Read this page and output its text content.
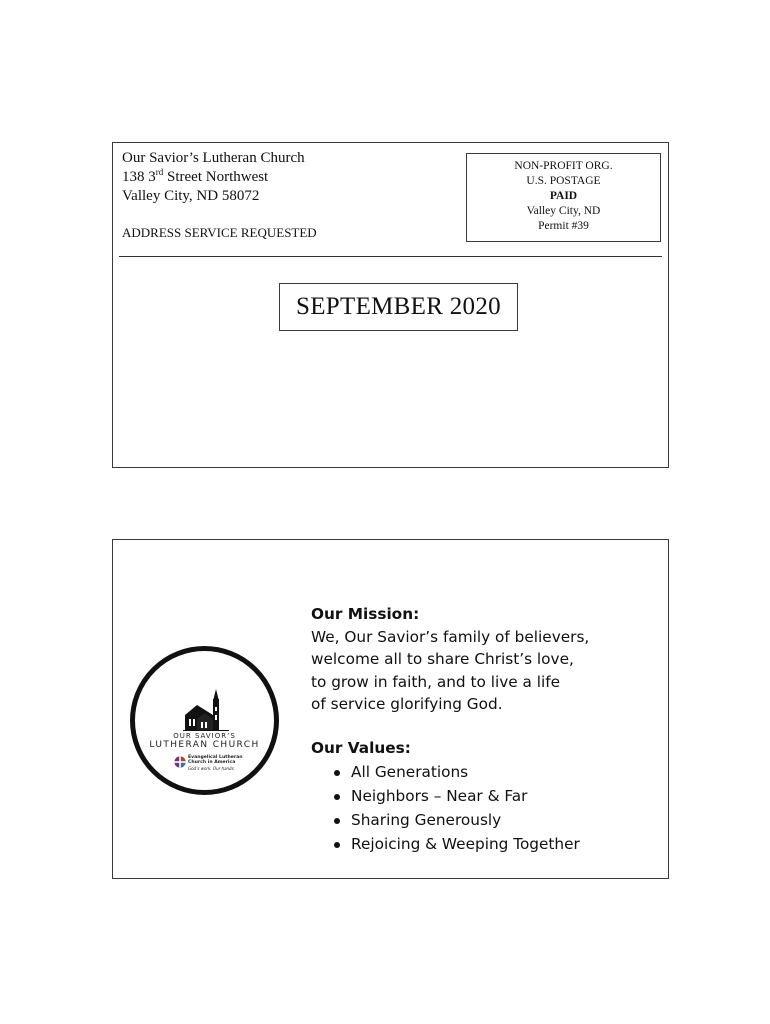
Our Savior’s Lutheran Church
138 3rd Street Northwest
Valley City, ND 58072
ADDRESS SERVICE REQUESTED
NON-PROFIT ORG.
U.S. POSTAGE
PAID
Valley City, ND
Permit #39
SEPTEMBER 2020
OUR SAVIOR’S
LUTHERAN CHURCH
Evangelical Lutheran
Church in America
God’s work. Our hands.
Our Mission:
We, Our Savior’s family of believers,
welcome all to share Christ’s love,
to grow in faith, and to live a life
of service glorifying God.
Our Values:
All Generations
Neighbors – Near & Far
Sharing Generously
Rejoicing & Weeping Together
